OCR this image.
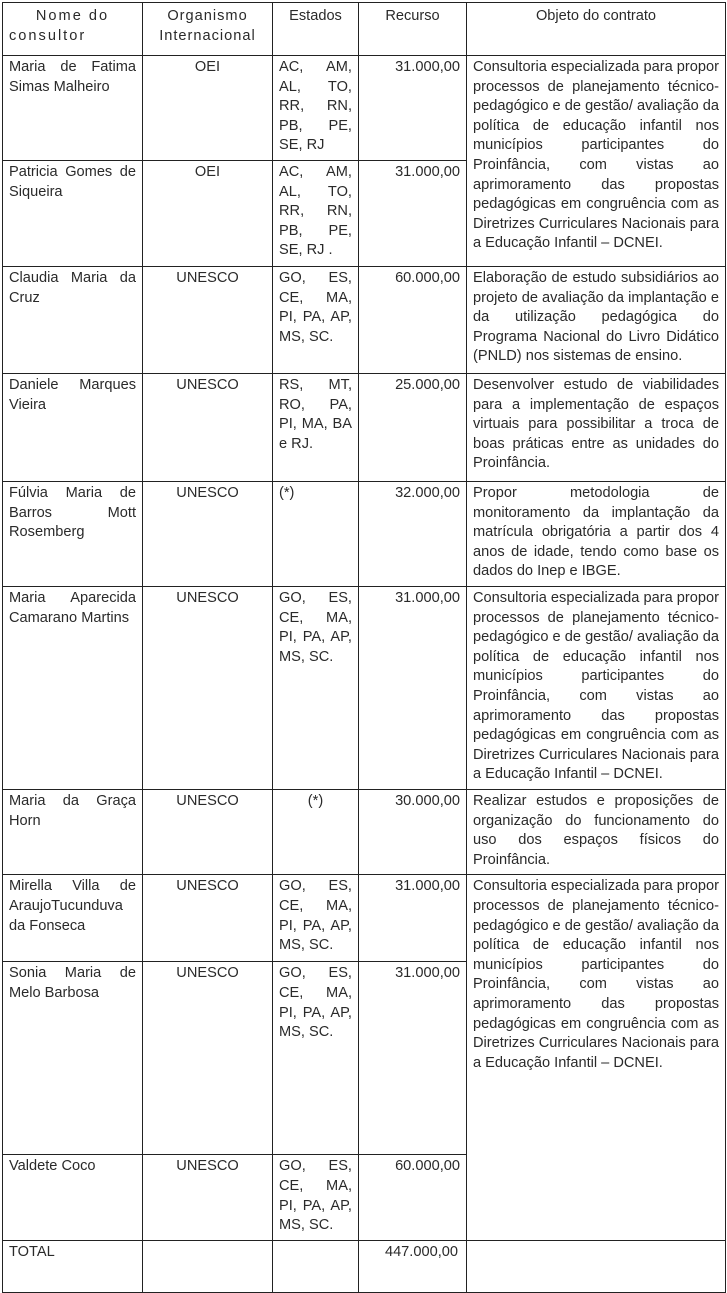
Nome do consultor	Organismo Internacional	Estados	Recurso	Objeto do contrato
Maria de Fatima Simas Malheiro	OEI	AC, AM, AL, TO, RR, RN, PB, PE, SE, RJ	31.000,00	Consultoria especializada para propor processos de planejamento técnico-pedagógico e de gestão/ avaliação da política de educação infantil nos municípios participantes do Proinfância, com vistas ao aprimoramento das propostas pedagógicas em congruência com as Diretrizes Curriculares Nacionais para a Educação Infantil – DCNEI.
Patricia Gomes de Siqueira	OEI	AC, AM, AL, TO, RR, RN, PB, PE, SE, RJ .	31.000,00	
Claudia Maria da Cruz	UNESCO	GO, ES, CE, MA, PI, PA, AP, MS, SC.	60.000,00	Elaboração de estudo subsidiários ao projeto de avaliação da implantação e da utilização pedagógica do Programa Nacional do Livro Didático (PNLD) nos sistemas de ensino.
Daniele Marques Vieira	UNESCO	RS, MT, RO, PA, PI, MA, BA e RJ.	25.000,00	Desenvolver estudo de viabilidades para a implementação de espaços virtuais para possibilitar a troca de boas práticas entre as unidades do Proinfância.
Fúlvia Maria de Barros Mott Rosemberg	UNESCO	(*)	32.000,00	Propor metodologia de monitoramento da implantação da matrícula obrigatória a partir dos 4 anos de idade, tendo como base os dados do Inep e IBGE.
Maria Aparecida Camarano Martins	UNESCO	GO, ES, CE, MA, PI, PA, AP, MS, SC.	31.000,00	Consultoria especializada para propor processos de planejamento técnico-pedagógico e de gestão/ avaliação da política de educação infantil nos municípios participantes do Proinfância, com vistas ao aprimoramento das propostas pedagógicas em congruência com as Diretrizes Curriculares Nacionais para a Educação Infantil – DCNEI.
Maria da Graça Horn	UNESCO	(*)	30.000,00	Realizar estudos e proposições de organização do funcionamento do uso dos espaços físicos do Proinfância.
Mirella Villa de AraujoTucunduva da Fonseca	UNESCO	GO, ES, CE, MA, PI, PA, AP, MS, SC.	31.000,00	Consultoria especializada para propor processos de planejamento técnico-pedagógico e de gestão/ avaliação da política de educação infantil nos municípios participantes do Proinfância, com vistas ao aprimoramento das propostas pedagógicas em congruência com as Diretrizes Curriculares Nacionais para a Educação Infantil – DCNEI.
Sonia Maria de Melo Barbosa	UNESCO	GO, ES, CE, MA, PI, PA, AP, MS, SC.	31.000,00	
Valdete Coco	UNESCO	GO, ES, CE, MA, PI, PA, AP, MS, SC.	60.000,00	
TOTAL			447.000,00	
